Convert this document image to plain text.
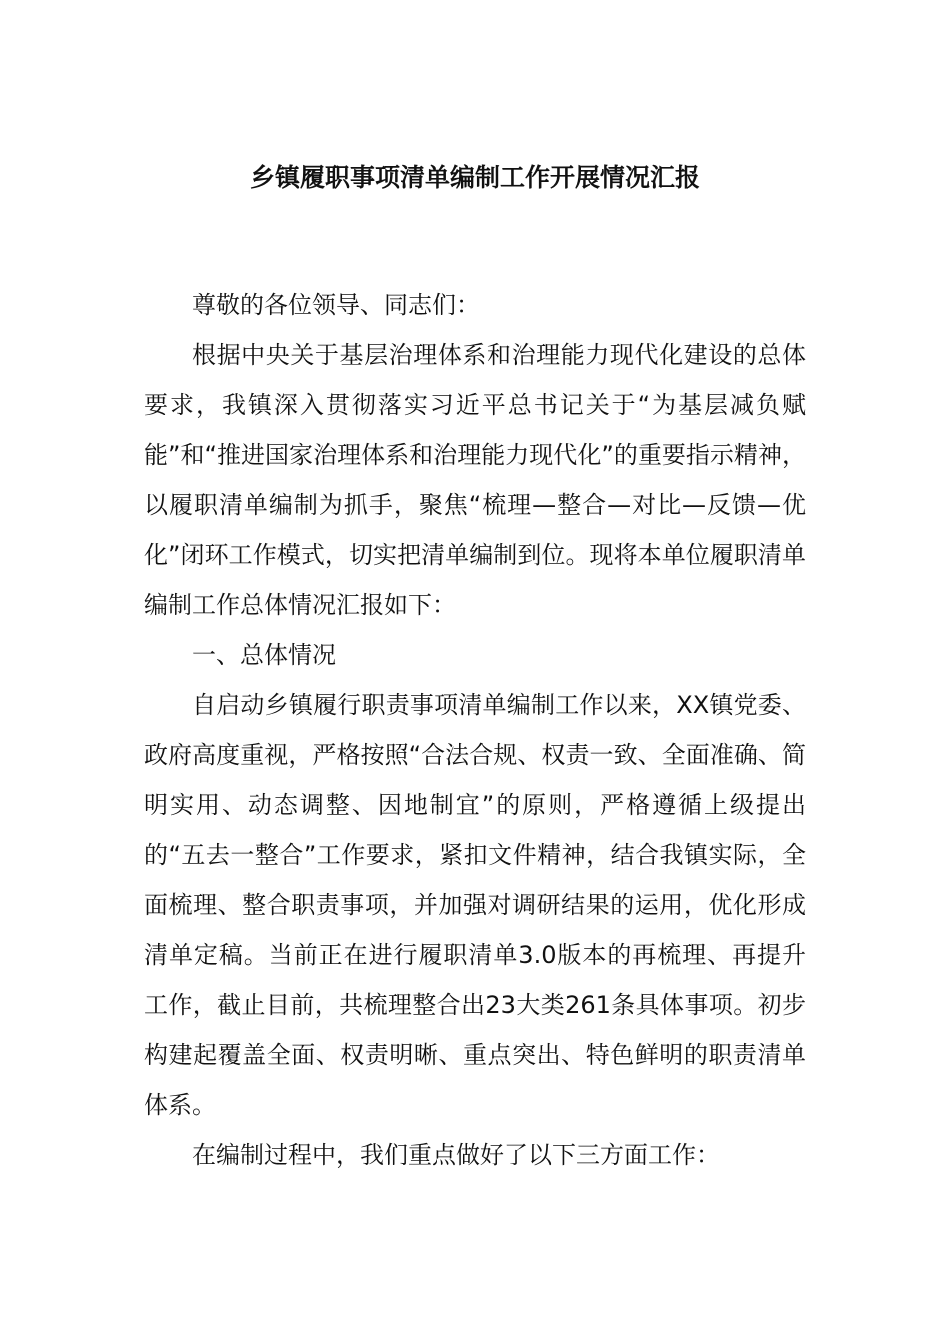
乡镇履职事项清单编制工作开展情况汇报

尊敬的各位领导、同志们：

根据中央关于基层治理体系和治理能力现代化建设的总体要求，我镇深入贯彻落实习近平总书记关于“为基层减负赋能”和“推进国家治理体系和治理能力现代化”的重要指示精神，以履职清单编制为抓手，聚焦“梳理—整合—对比—反馈—优化”闭环工作模式，切实把清单编制到位。现将本单位履职清单编制工作总体情况汇报如下：

一、总体情况

自启动乡镇履行职责事项清单编制工作以来，XX镇党委、政府高度重视，严格按照“合法合规、权责一致、全面准确、简明实用、动态调整、因地制宜”的原则，严格遵循上级提出的“五去一整合”工作要求，紧扣文件精神，结合我镇实际，全面梳理、整合职责事项，并加强对调研结果的运用，优化形成清单定稿。当前正在进行履职清单3.0版本的再梳理、再提升工作，截止目前，共梳理整合出23大类261条具体事项。初步构建起覆盖全面、权责明晰、重点突出、特色鲜明的职责清单体系。

在编制过程中，我们重点做好了以下三方面工作：
